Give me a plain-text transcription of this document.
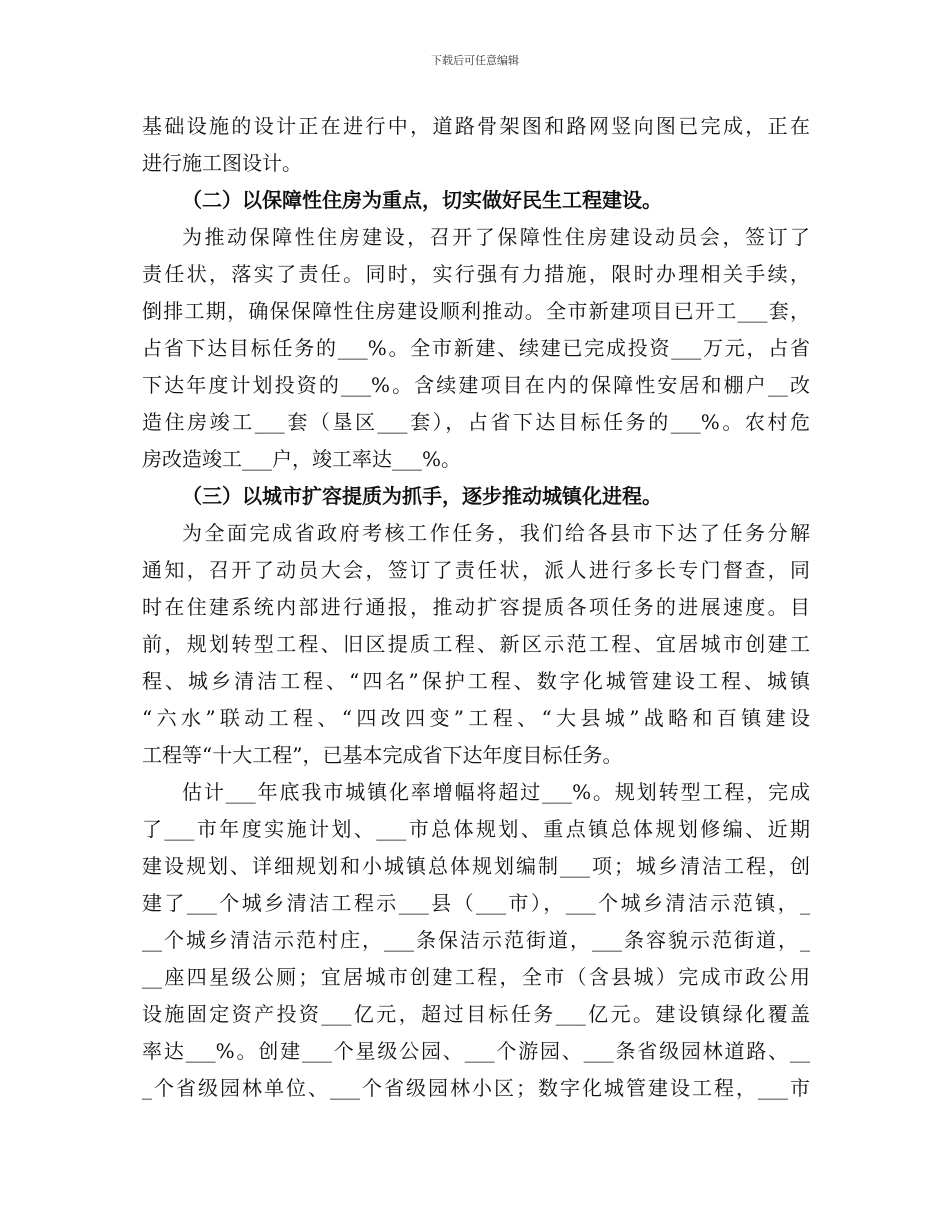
下载后可任意编辑
基础设施的设计正在进行中，道路骨架图和路网竖向图已完成，正在
进行施工图设计。
（二）以保障性住房为重点，切实做好民生工程建设。
为推动保障性住房建设，召开了保障性住房建设动员会，签订了
责任状，落实了责任。同时，实行强有力措施，限时办理相关手续，
倒排工期，确保保障性住房建设顺利推动。全市新建项目已开工___套，
占省下达目标任务的___%。全市新建、续建已完成投资___万元，占省
下达年度计划投资的___%。含续建项目在内的保障性安居和棚户__改
造住房竣工___套（垦区___套），占省下达目标任务的___%。农村危
房改造竣工___户，竣工率达___%。
（三）以城市扩容提质为抓手，逐步推动城镇化进程。
为全面完成省政府考核工作任务，我们给各县市下达了任务分解
通知，召开了动员大会，签订了责任状，派人进行多长专门督查，同
时在住建系统内部进行通报，推动扩容提质各项任务的进展速度。目
前，规划转型工程、旧区提质工程、新区示范工程、宜居城市创建工
程、城乡清洁工程、“四名”保护工程、数字化城管建设工程、城镇
“六水”联动工程、“四改四变”工程、“大县城”战略和百镇建设
工程等“十大工程”，已基本完成省下达年度目标任务。
估计___年底我市城镇化率增幅将超过___%。规划转型工程，完成
了___市年度实施计划、___市总体规划、重点镇总体规划修编、近期
建设规划、详细规划和小城镇总体规划编制___项；城乡清洁工程，创
建了___个城乡清洁工程示___县（___市），___个城乡清洁示范镇，_
__个城乡清洁示范村庄，___条保洁示范街道，___条容貌示范街道，_
__座四星级公厕；宜居城市创建工程，全市（含县城）完成市政公用
设施固定资产投资___亿元，超过目标任务___亿元。建设镇绿化覆盖
率达___%。创建___个星级公园、___个游园、___条省级园林道路、__
_个省级园林单位、___个省级园林小区；数字化城管建设工程，___市
